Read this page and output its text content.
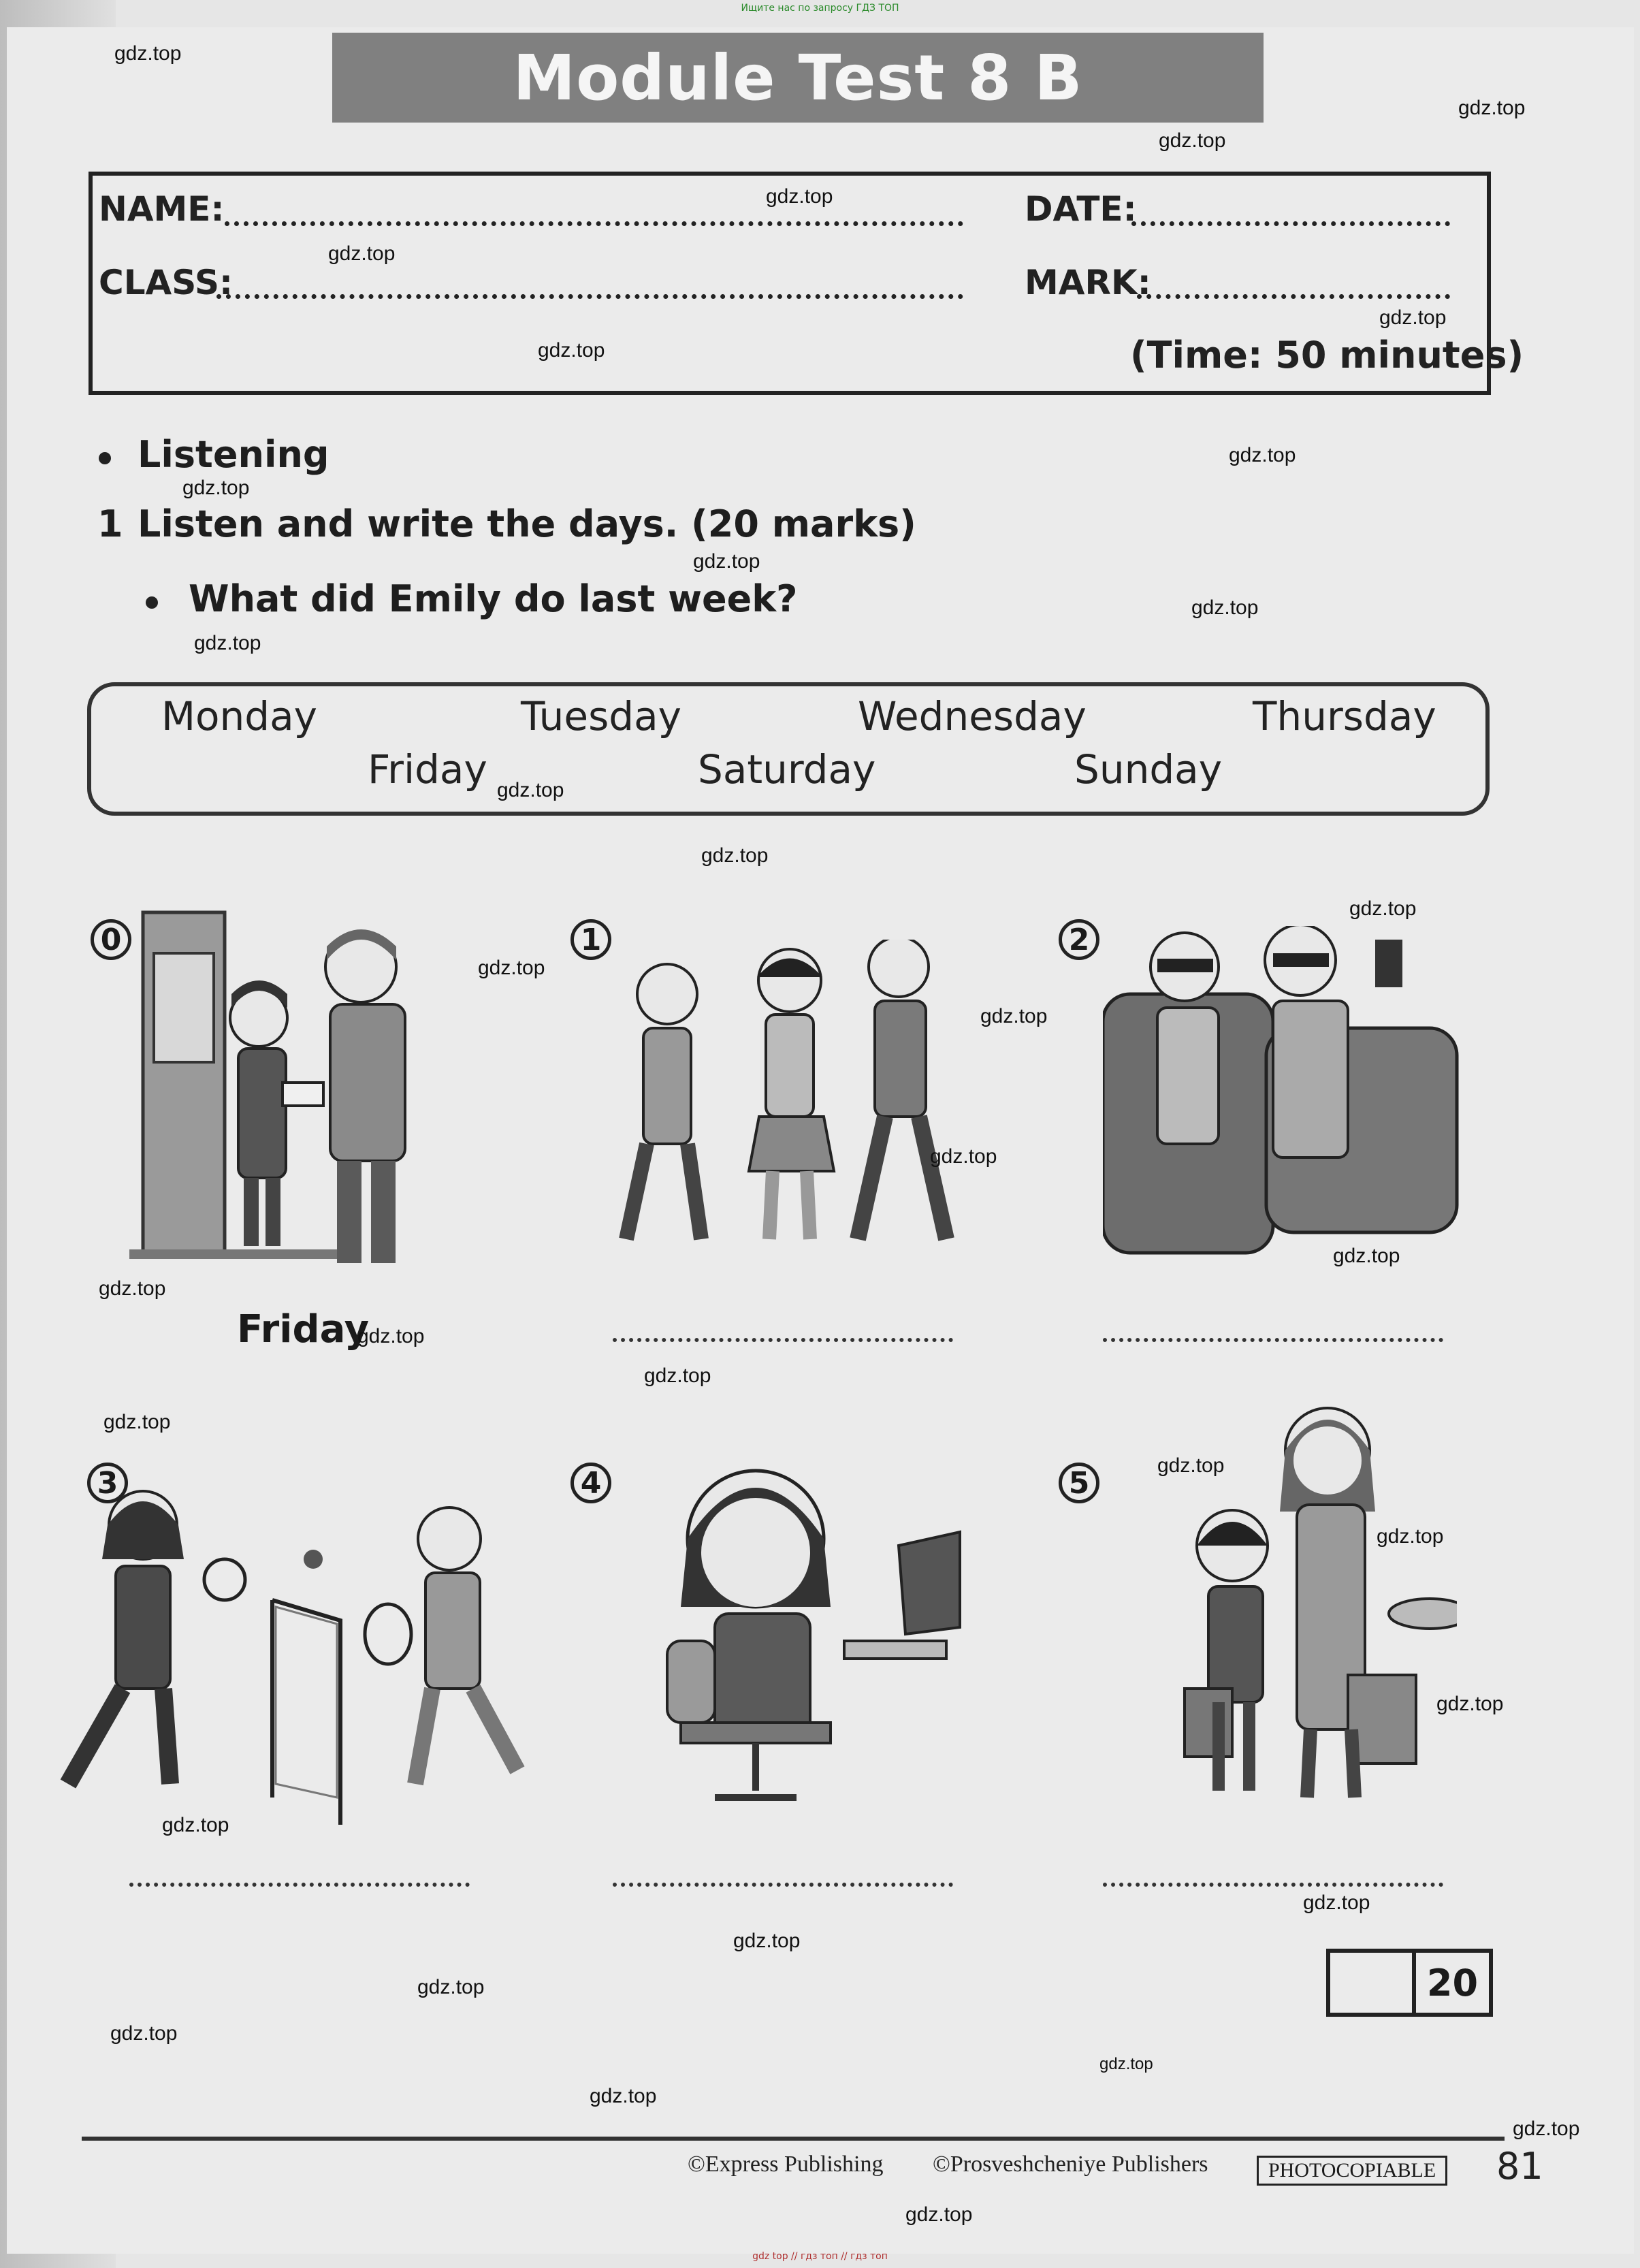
Ищите нас по запросу ГДЗ ТОП
Module Test 8 B
NAME:	DATE:
CLASS:	MARK:
(Time: 50 minutes)
Listening
1 Listen and write the days. (20 marks)
What did Emily do last week?
Monday	Tuesday	Wednesday	Thursday
Friday	Saturday	Sunday
0
Friday
1	2
3	4	5
20
©Express Publishing ©Prosveshcheniye Publishers	PHOTOCOPIABLE	81
gdz top // гдз топ // гдз топ
gdz.top
gdz.top
gdz.top
gdz.top
gdz.top
gdz.top
gdz.top
gdz.top
gdz.top
gdz.top
gdz.top
gdz.top
gdz.top
gdz.top
gdz.top
gdz.top
gdz.top
gdz.top
gdz.top
gdz.top
gdz.top
gdz.top
gdz.top
gdz.top
gdz.top
gdz.top
gdz.top
gdz.top
gdz.top
gdz.top
gdz.top
gdz.top
gdz.top
gdz.top
gdz.top
